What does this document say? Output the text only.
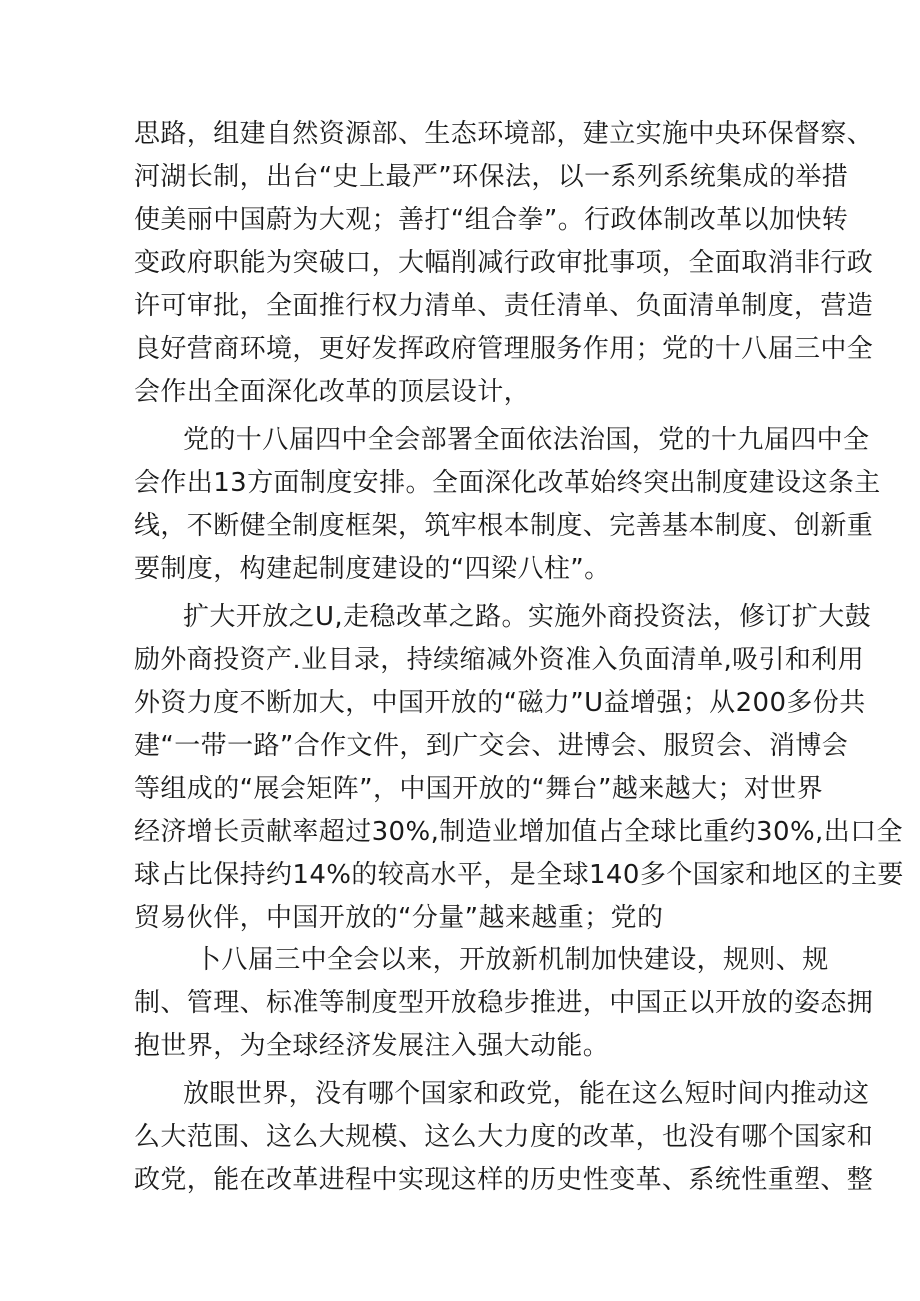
思路，组建自然资源部、生态环境部，建立实施中央环保督察、
河湖长制，出台“史上最严”环保法，以一系列系统集成的举措
使美丽中国蔚为大观；善打“组合拳”。行政体制改革以加快转
变政府职能为突破口，大幅削减行政审批事项，全面取消非行政
许可审批，全面推行权力清单、责任清单、负面清单制度，营造
良好营商环境，更好发挥政府管理服务作用；党的十八届三中全
会作出全面深化改革的顶层设计，
党的十八届四中全会部署全面依法治国，党的十九届四中全
会作出13方面制度安排。全面深化改革始终突出制度建设这条主
线，不断健全制度框架，筑牢根本制度、完善基本制度、创新重
要制度，构建起制度建设的“四梁八柱”。
扩大开放之U,走稳改革之路。实施外商投资法，修订扩大鼓
励外商投资产.业目录，持续缩减外资准入负面清单,吸引和利用
外资力度不断加大，中国开放的“磁力”U益增强；从200多份共
建“一带一路”合作文件，到广交会、进博会、服贸会、消博会
等组成的“展会矩阵”，中国开放的“舞台”越来越大；对世界
经济增长贡献率超过30%,制造业增加值占全球比重约30%,出口全
球占比保持约14%的较高水平，是全球140多个国家和地区的主要
贸易伙伴，中国开放的“分量”越来越重；党的
卜八届三中全会以来，开放新机制加快建设，规则、规
制、管理、标准等制度型开放稳步推进，中国正以开放的姿态拥
抱世界，为全球经济发展注入强大动能。
放眼世界，没有哪个国家和政党，能在这么短时间内推动这
么大范围、这么大规模、这么大力度的改革，也没有哪个国家和
政党，能在改革进程中实现这样的历史性变革、系统性重塑、整
